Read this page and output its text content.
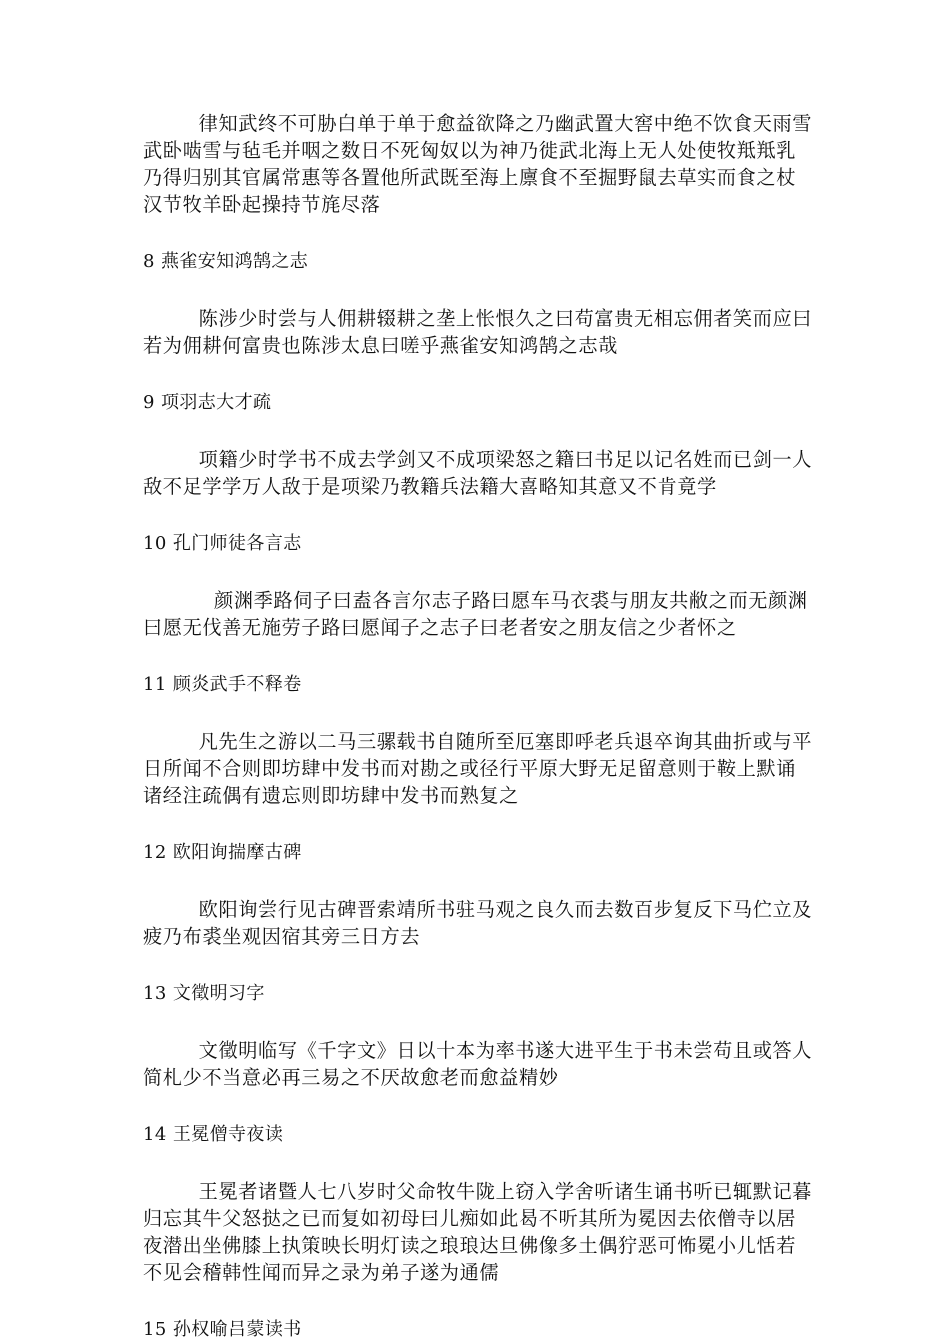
律知武终不可胁白单于单于愈益欲降之乃幽武置大窖中绝不饮食天雨雪武卧啮雪与毡毛并咽之数日不死匈奴以为神乃徙武北海上无人处使牧羝羝乳乃得归别其官属常惠等各置他所武既至海上廪食不至掘野鼠去草实而食之杖汉节牧羊卧起操持节旄尽落

8 燕雀安知鸿鹄之志

陈涉少时尝与人佣耕辍耕之垄上怅恨久之曰苟富贵无相忘佣者笑而应曰若为佣耕何富贵也陈涉太息曰嗟乎燕雀安知鸿鹄之志哉

9 项羽志大才疏

项籍少时学书不成去学剑又不成项梁怒之籍曰书足以记名姓而已剑一人敌不足学学万人敌于是项梁乃教籍兵法籍大喜略知其意又不肯竟学

10 孔门师徒各言志

颜渊季路伺子曰盍各言尔志子路曰愿车马衣裘与朋友共敝之而无颜渊曰愿无伐善无施劳子路曰愿闻子之志子曰老者安之朋友信之少者怀之

11 顾炎武手不释卷

凡先生之游以二马三骡载书自随所至厄塞即呼老兵退卒询其曲折或与平日所闻不合则即坊肆中发书而对勘之或径行平原大野无足留意则于鞍上默诵诸经注疏偶有遗忘则即坊肆中发书而熟复之

12 欧阳询揣摩古碑

欧阳询尝行见古碑晋索靖所书驻马观之良久而去数百步复反下马伫立及疲乃布裘坐观因宿其旁三日方去

13 文徵明习字

文徵明临写《千字文》日以十本为率书遂大进平生于书未尝苟且或答人简札少不当意必再三易之不厌故愈老而愈益精妙

14 王冕僧寺夜读

王冕者诸暨人七八岁时父命牧牛陇上窃入学舍听诸生诵书听已辄默记暮归忘其牛父怒挞之已而复如初母曰儿痴如此曷不听其所为冕因去依僧寺以居夜潜出坐佛膝上执策映长明灯读之琅琅达旦佛像多土偶狞恶可怖冕小儿恬若不见会稽韩性闻而异之录为弟子遂为通儒

15 孙权喻吕蒙读书
